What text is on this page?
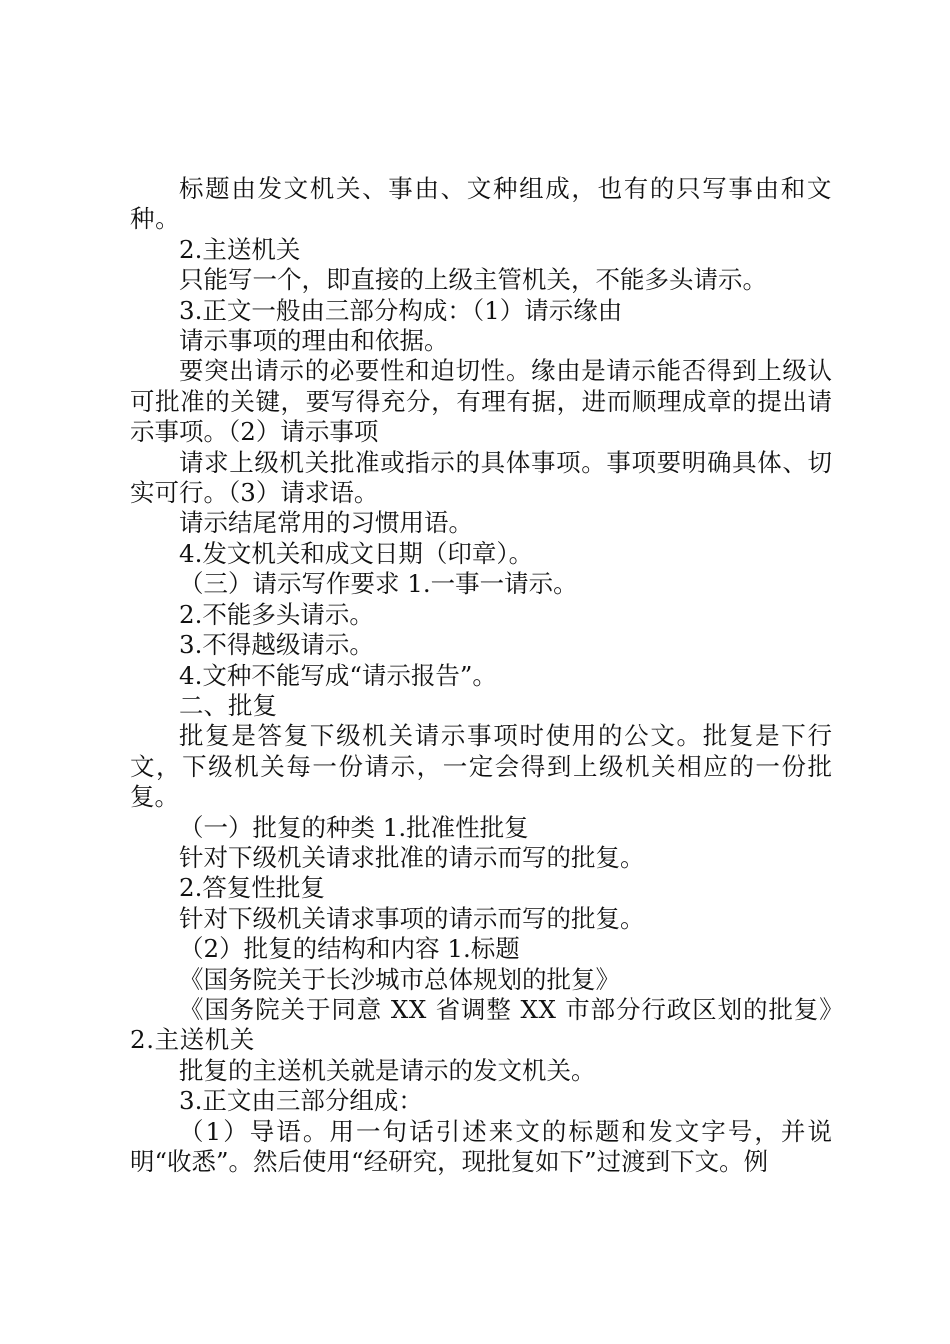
标题由发文机关、事由、文种组成，也有的只写事由和文种。

2.主送机关

只能写一个，即直接的上级主管机关，不能多头请示。

3.正文一般由三部分构成：（1）请示缘由

请示事项的理由和依据。

要突出请示的必要性和迫切性。缘由是请示能否得到上级认可批准的关键，要写得充分，有理有据，进而顺理成章的提出请示事项。（2）请示事项

请求上级机关批准或指示的具体事项。事项要明确具体、切实可行。（3）请求语。

请示结尾常用的习惯用语。

4.发文机关和成文日期（印章）。

（三）请示写作要求 1.一事一请示。

2.不能多头请示。

3.不得越级请示。

4.文种不能写成“请示报告”。

二、批复

批复是答复下级机关请示事项时使用的公文。批复是下行文，下级机关每一份请示，一定会得到上级机关相应的一份批复。

（一）批复的种类 1.批准性批复

针对下级机关请求批准的请示而写的批复。

2.答复性批复

针对下级机关请求事项的请示而写的批复。

（2）批复的结构和内容 1.标题

《国务院关于长沙城市总体规划的批复》

《国务院关于同意 XX 省调整 XX 市部分行政区划的批复》2.主送机关

批复的主送机关就是请示的发文机关。

3.正文由三部分组成：

（1）导语。用一句话引述来文的标题和发文字号，并说明“收悉”。然后使用“经研究，现批复如下”过渡到下文。例
